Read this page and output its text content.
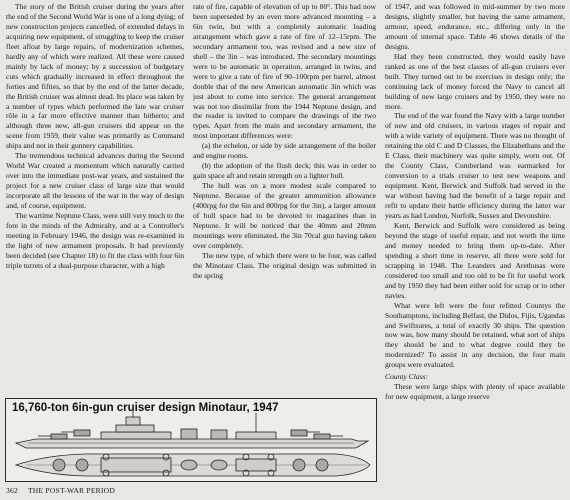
The story of the British cruiser during the years after the end of the Second World War is one of a long dying; of new construction projects cancelled, of extended delays in acquiring new equipment, of struggling to keep the cruiser fleet afloat by large repairs, of modernization schemes, hardly any of which were realized. All these were caused mainly by lack of money; by a succession of budgetary cuts which gradually increased in effect throughout the forties and fifties, so that by the end of the latter decade, the British cruiser was almost dead. Its place was taken by a number of types which performed the late war cruiser rôle in a far more effective manner than hitherto; and although three new, all-gun cruisers did appear on the scene from 1959, their value was primarily as Command ships and not in their gunnery capabilities.

The tremendous technical advances during the Second World War created a momentum which naturally carried over into the immediate post-war years, and sustained the project for a new cruiser class of large size that would incorporate all the lessons of the war in the way of design and, of course, equipment.

The wartime Neptune Class, were still very much to the fore in the minds of the Admiralty, and at a Controller's meeting in February 1946, the design was re-examined in the light of new armament proposals. It had previously been decided (see Chapter 18) to fit the class with four 6in triple turrets of a dual-purpose character, with a high

rate of fire, capable of elevation of up to 80°. This had now been superseded by an even more advanced mounting – a 6in twin, but with a completely automatic loading arrangement which gave a rate of fire of 12–15rpm. The secondary armament too, was revised and a new size of shell – the 3in – was introduced. The secondary mountings were to be automatic in operation, arranged in twins, and were to give a rate of fire of 90–100rpm per barrel, almost double that of the new American automatic 3in which was just about to come into service. The general arrangement was not too dissimilar from the 1944 Neptune design, and the reader is invited to compare the drawings of the two types. Apart from the main and secondary armament, the most important differences were:

(a) the echelon, or side by side arrangement of the boiler and engine rooms.

(b) the adoption of the flush deck; this was in order to gain space aft and retain strength on a lighter hull.

The hull was on a more modest scale compared to Neptune. Because of the greater ammunition allowance (400rpg for the 6in and 800rpg for the 3in), a larger amount of hull space had to be devoted to magazines than in Neptune. It will be noticed that the 40mm and 20mm mountings were eliminated, the 3in 70cal gun having taken over completely.

The new type, of which there were to be four, was called the Minotaur Class. The original design was submitted in the spring

of 1947, and was followed in mid-summer by two more designs, slightly smaller, but having the same armament, armour, speed, endurance, etc., differing only in the amount of internal space. Table 46 shows details of the designs.

Had they been constructed, they would easily have ranked as one of the best classes of all-gun cruisers ever built. They turned out to be exercises in design only; the continuing lack of money forced the Navy to cancel all building of new large cruisers and by 1950, they were no more.

The end of the war found the Navy with a large number of new and old cruisers, in various stages of repair and with a wide variety of equipment. There was no thought of retaining the old C and D Classes, the Elizabethans and the E Class, their machinery was quite simply, worn out. Of the County Class, Cumberland was earmarked for conversion to a trials cruiser to test new weapons and equipment. Kent, Berwick and Suffolk had served in the war without having had the benefit of a large repair and refit to update their battle efficiency during the latter war years as had London, Norfolk, Sussex and Devonshire.

Kent, Berwick and Suffolk were considered as being beyond the stage of useful repair, and not worth the time and money needed to bring them up-to-date. After spending a short time in reserve, all three were sold for scrapping in 1948. The Leanders and Arethusas were considered too small and too old to be fit for useful work and by 1950 they had been either sold for scrap or to other navies.

What were left were the four refitted Countys the Southamptons, including Belfast, the Didos, Fijis, Ugandas and Swiftsures, a total of exactly 30 ships. The question now was, how many should be retained, what sort of ships they should be and to what degree could they be modernized? To assist in any decision, the four main groups were evaluated.

County Class:

These were large ships with plenty of space available for new equipment, a large reserve

16,760-ton 6in-gun cruiser design Minotaur, 1947
362 THE POST-WAR PERIOD
